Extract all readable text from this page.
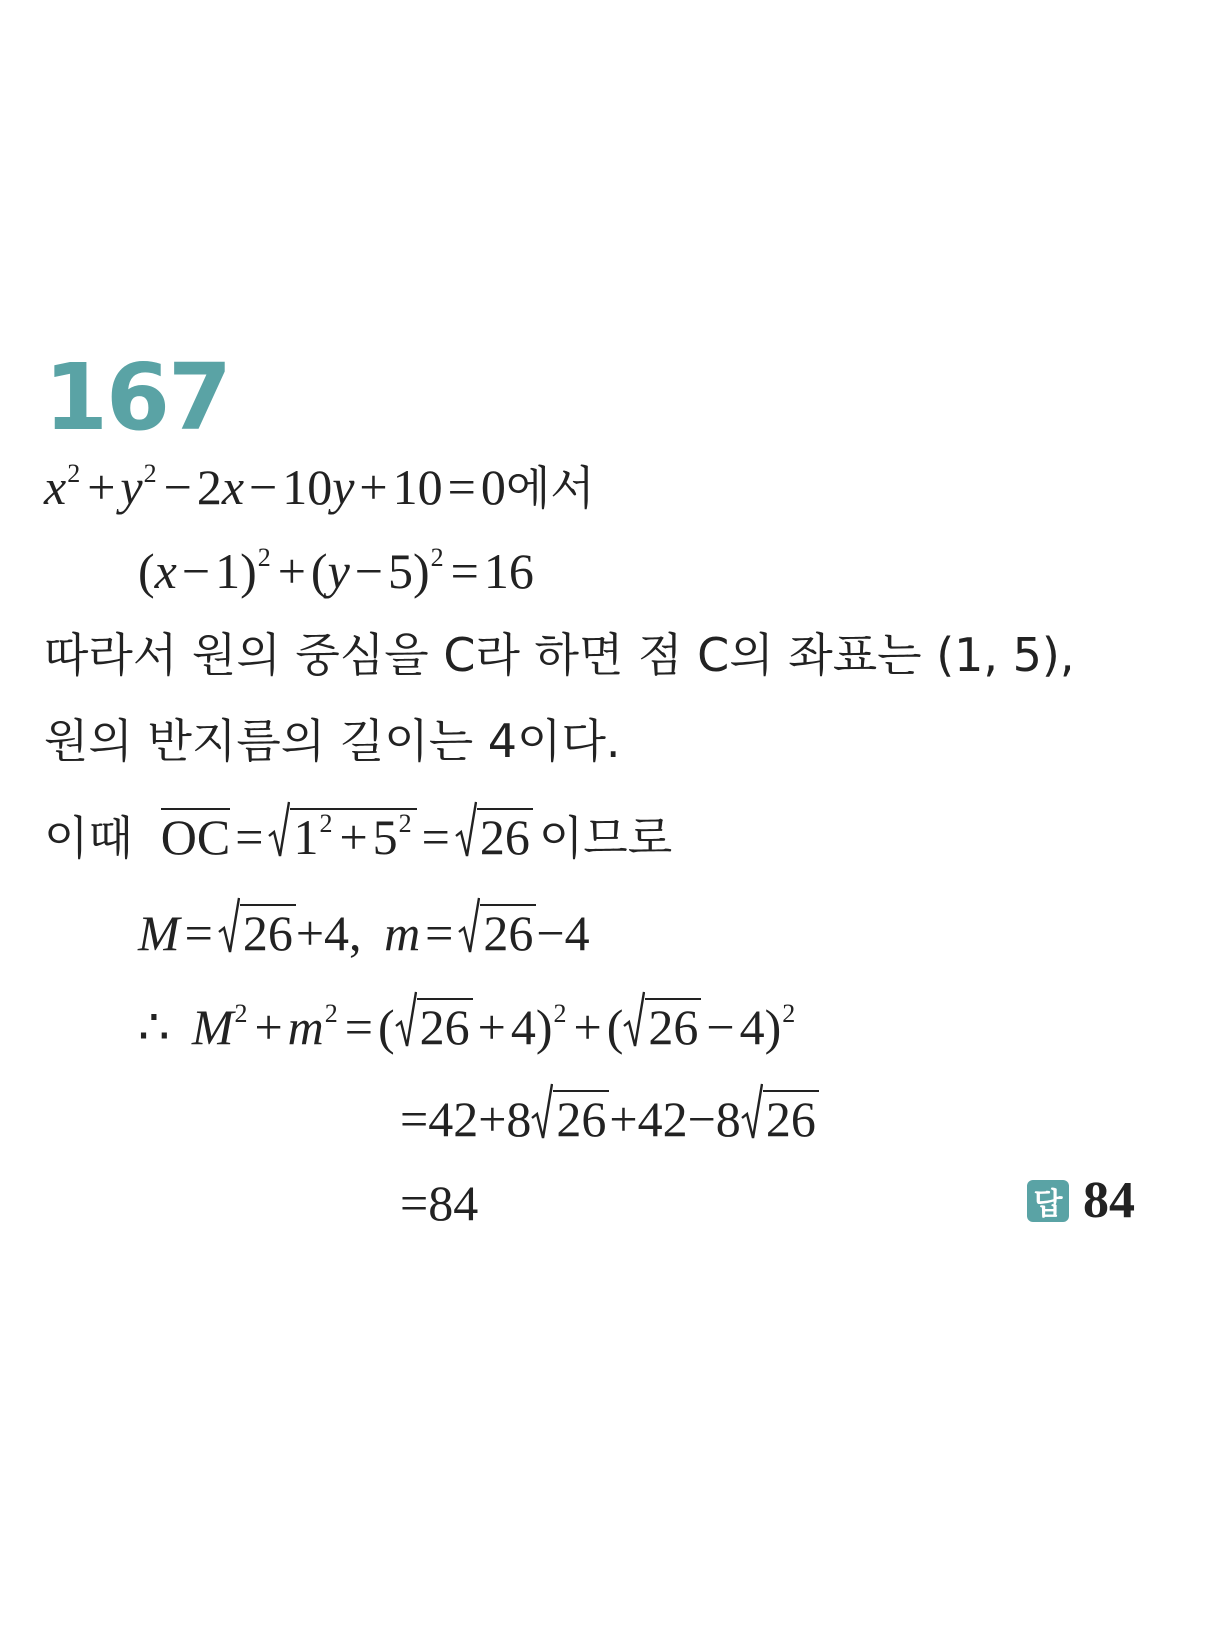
167
$x^2 + y^2 - 2x - 10y + 10 = 0$에서
$(x - 1)^2 + (y - 5)^2 = 16$
따라서 원의 중심을 C라 하면 점 C의 좌표는 (1, 5),
원의 반지름의 길이는 4이다.
이때 OC = $1^2 + 5^2 = 26$ 이므로
M = 26+4, m = 26−4
∴ $M^2 + m^2$ = ( 26 + 4)$^2$ + ( 26 − 4)$^2$
=42+8 26+42−8 26
=84	답 84
